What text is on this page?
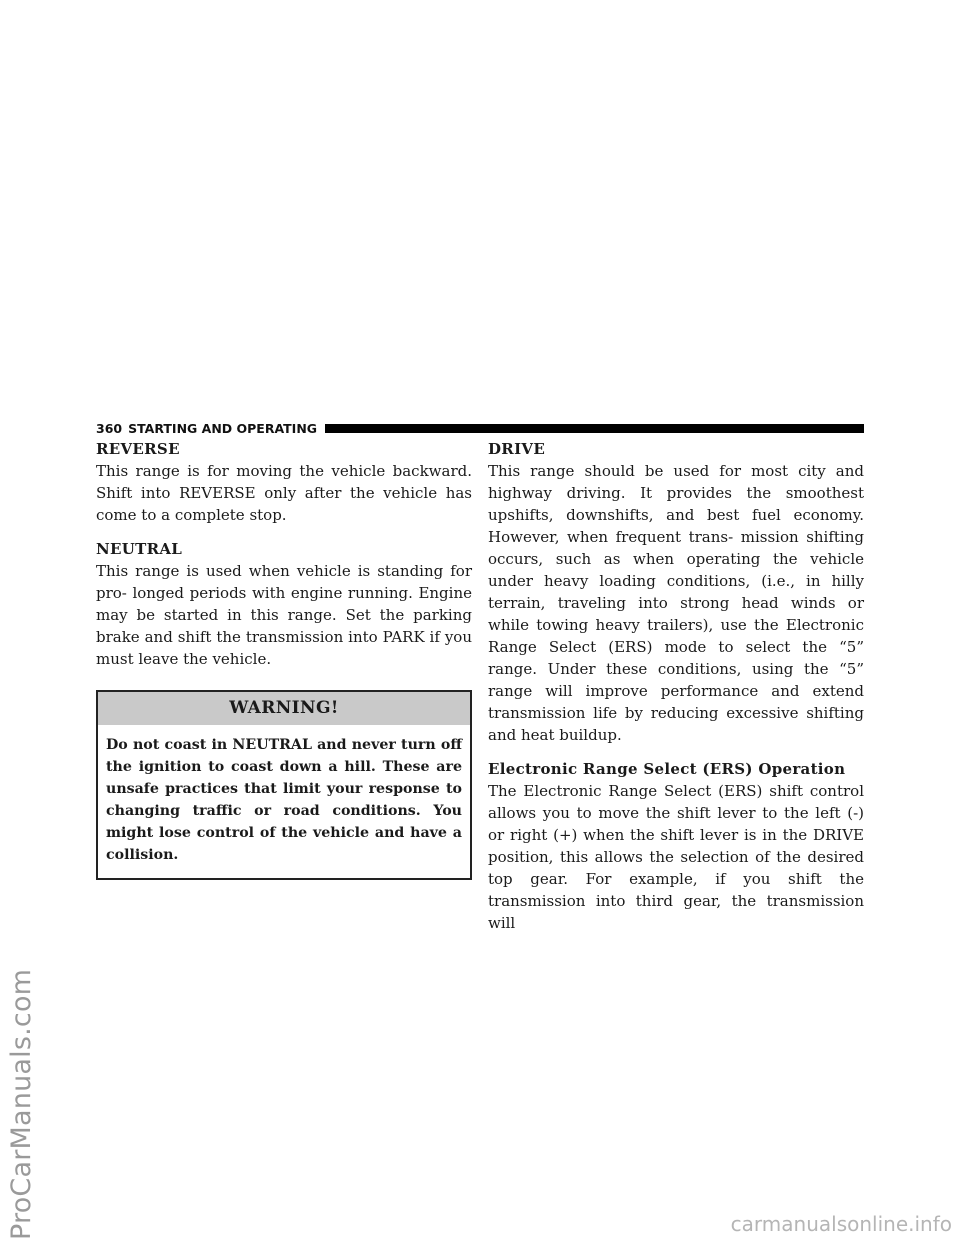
ProCarManuals.com
360 STARTING AND OPERATING
REVERSE

This range is for moving the vehicle backward. Shift into REVERSE only after the vehicle has come to a complete stop.

NEUTRAL

This range is used when vehicle is standing for pro- longed periods with engine running. Engine may be started in this range. Set the parking brake and shift the transmission into PARK if you must leave the vehicle.

WARNING!
Do not coast in NEUTRAL and never turn off the ignition to coast down a hill. These are unsafe practices that limit your response to changing traffic or road conditions. You might lose control of the vehicle and have a collision.
DRIVE

This range should be used for most city and highway driving. It provides the smoothest upshifts, downshifts, and best fuel economy. However, when frequent trans- mission shifting occurs, such as when operating the vehicle under heavy loading conditions, (i.e., in hilly terrain, traveling into strong head winds or while towing heavy trailers), use the Electronic Range Select (ERS) mode to select the “5” range. Under these conditions, using the “5” range will improve performance and extend transmission life by reducing excessive shifting and heat buildup.

Electronic Range Select (ERS) Operation

The Electronic Range Select (ERS) shift control allows you to move the shift lever to the left (-) or right (+) when the shift lever is in the DRIVE position, this allows the selection of the desired top gear. For example, if you shift the transmission into third gear, the transmission will

carmanualsonline.info
